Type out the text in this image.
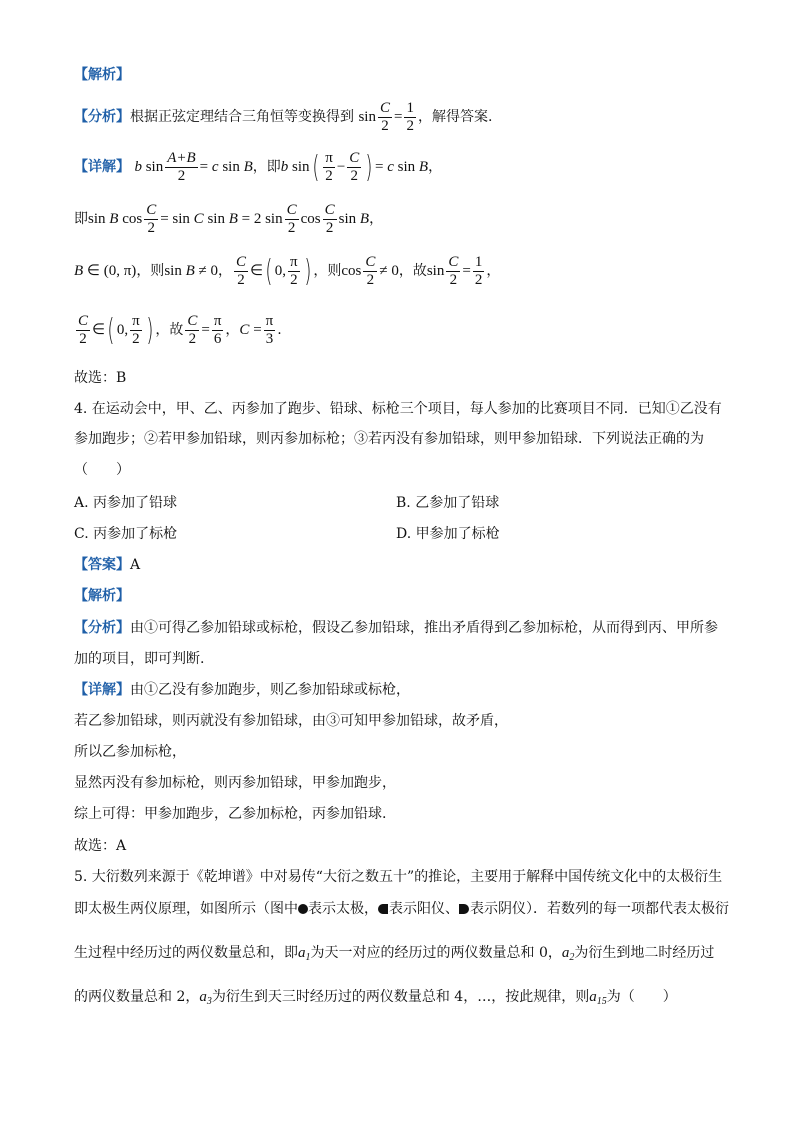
【解析】
【分析】根据正弦定理结合三角恒等变换得到 $\sin \frac{C}{2} = \frac{1}{2}$ ，解得答案.
【详解】 b $\sin \frac{A+B}{2} = c$ sin B，即b $\sin( \frac{\pi}{2} - \frac{C}{2}$ ) = c sin B，
即sin B $\cos \frac{C}{2} = \sin C$ sin B = 2 $\sin \frac{C}{2}$ $\cos \frac{C}{2}$ sin B，
B ∈ (0, π)，则sin B ≠ 0， $\frac{C}{2}$ ∈( 0, $\frac{\pi}{2}$ ) ，则$\cos \frac{C}{2} \ne 0$，故$\sin \frac{C}{2} = \frac{1}{2}$ ，
$\frac{C}{2}$ ∈( 0, $\frac{\pi}{2}$ ) ，故 $\frac{C}{2} = \frac{\pi}{6}$ ，$C = \frac{\pi}{3}$ .
故选：B
4. 在运动会中，甲、乙、丙参加了跑步、铅球、标枪三个项目，每人参加的比赛项目不同．已知①乙没有
参加跑步；②若甲参加铅球，则丙参加标枪；③若丙没有参加铅球，则甲参加铅球．下列说法正确的为
（　　）
A. 丙参加了铅球	B. 乙参加了铅球
C. 丙参加了标枪	D. 甲参加了标枪
【答案】A
【解析】
【分析】由①可得乙参加铅球或标枪，假设乙参加铅球，推出矛盾得到乙参加标枪，从而得到丙、甲所参
加的项目，即可判断.
【详解】由①乙没有参加跑步，则乙参加铅球或标枪，
若乙参加铅球，则丙就没有参加铅球，由③可知甲参加铅球，故矛盾，
所以乙参加标枪，
显然丙没有参加标枪，则丙参加铅球，甲参加跑步，
综上可得：甲参加跑步，乙参加标枪，丙参加铅球.
故选：A
5. 大衍数列来源于《乾坤谱》中对易传“大衍之数五十”的推论，主要用于解释中国传统文化中的太极衍生
即太极生两仪原理，如图所示（图中 表示太极， 表示阳仪、 表示阴仪）．若数列的每一项都代表太极衍
生过程中经历过的两仪数量总和，即$a_1$为天一对应的经历过的两仪数量总和 0，$a_2$为衍生到地二时经历过
的两仪数量总和 2，$a_3$为衍生到天三时经历过的两仪数量总和 4，…，按此规律，则$a_{15}$为（　　）
